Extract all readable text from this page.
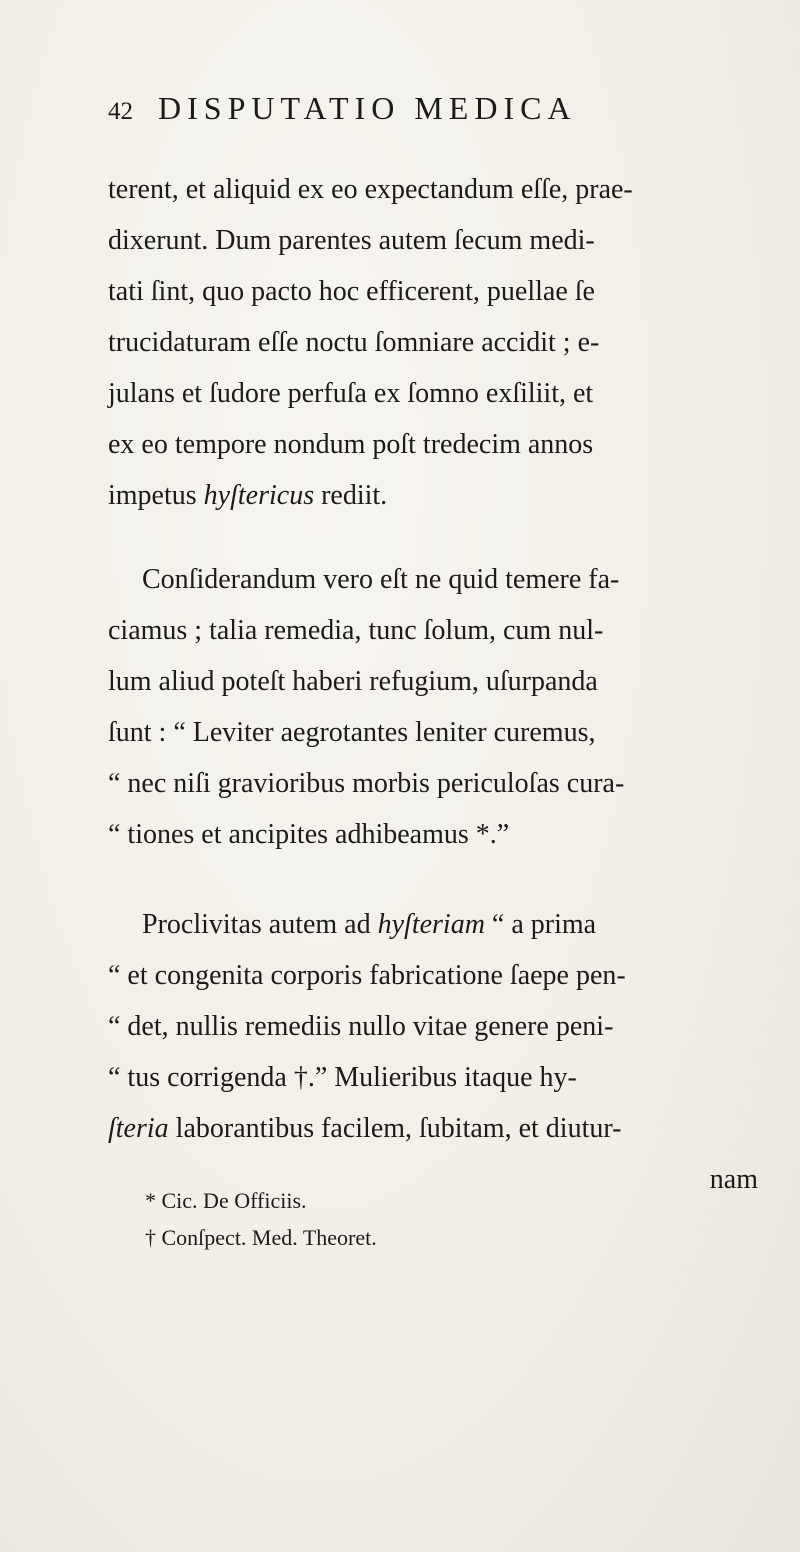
42 DISPUTATIO MEDICA
terent, et aliquid ex eo expectandum eſſe, prae-
dixerunt. Dum parentes autem ſecum medi-
tati ſint, quo pacto hoc efficerent, puellae ſe
trucidaturam eſſe noctu ſomniare accidit ; e-
julans et ſudore perfuſa ex ſomno exſiliit, et
ex eo tempore nondum poſt tredecim annos
impetus hyſtericus rediit.
Conſiderandum vero eſt ne quid temere fa-
ciamus ; talia remedia, tunc ſolum, cum nul-
lum aliud poteſt haberi refugium, uſurpanda
ſunt : “ Leviter aegrotantes leniter curemus,
“ nec niſi gravioribus morbis periculoſas cura-
“ tiones et ancipites adhibeamus *.”
Proclivitas autem ad hyſteriam “ a prima
“ et congenita corporis fabricatione ſaepe pen-
“ det, nullis remediis nullo vitae genere peni-
“ tus corrigenda †.” Mulieribus itaque hy-
ſteria laborantibus facilem, ſubitam, et diutur-
nam
* Cic. De Officiis.
† Conſpect. Med. Theoret.
